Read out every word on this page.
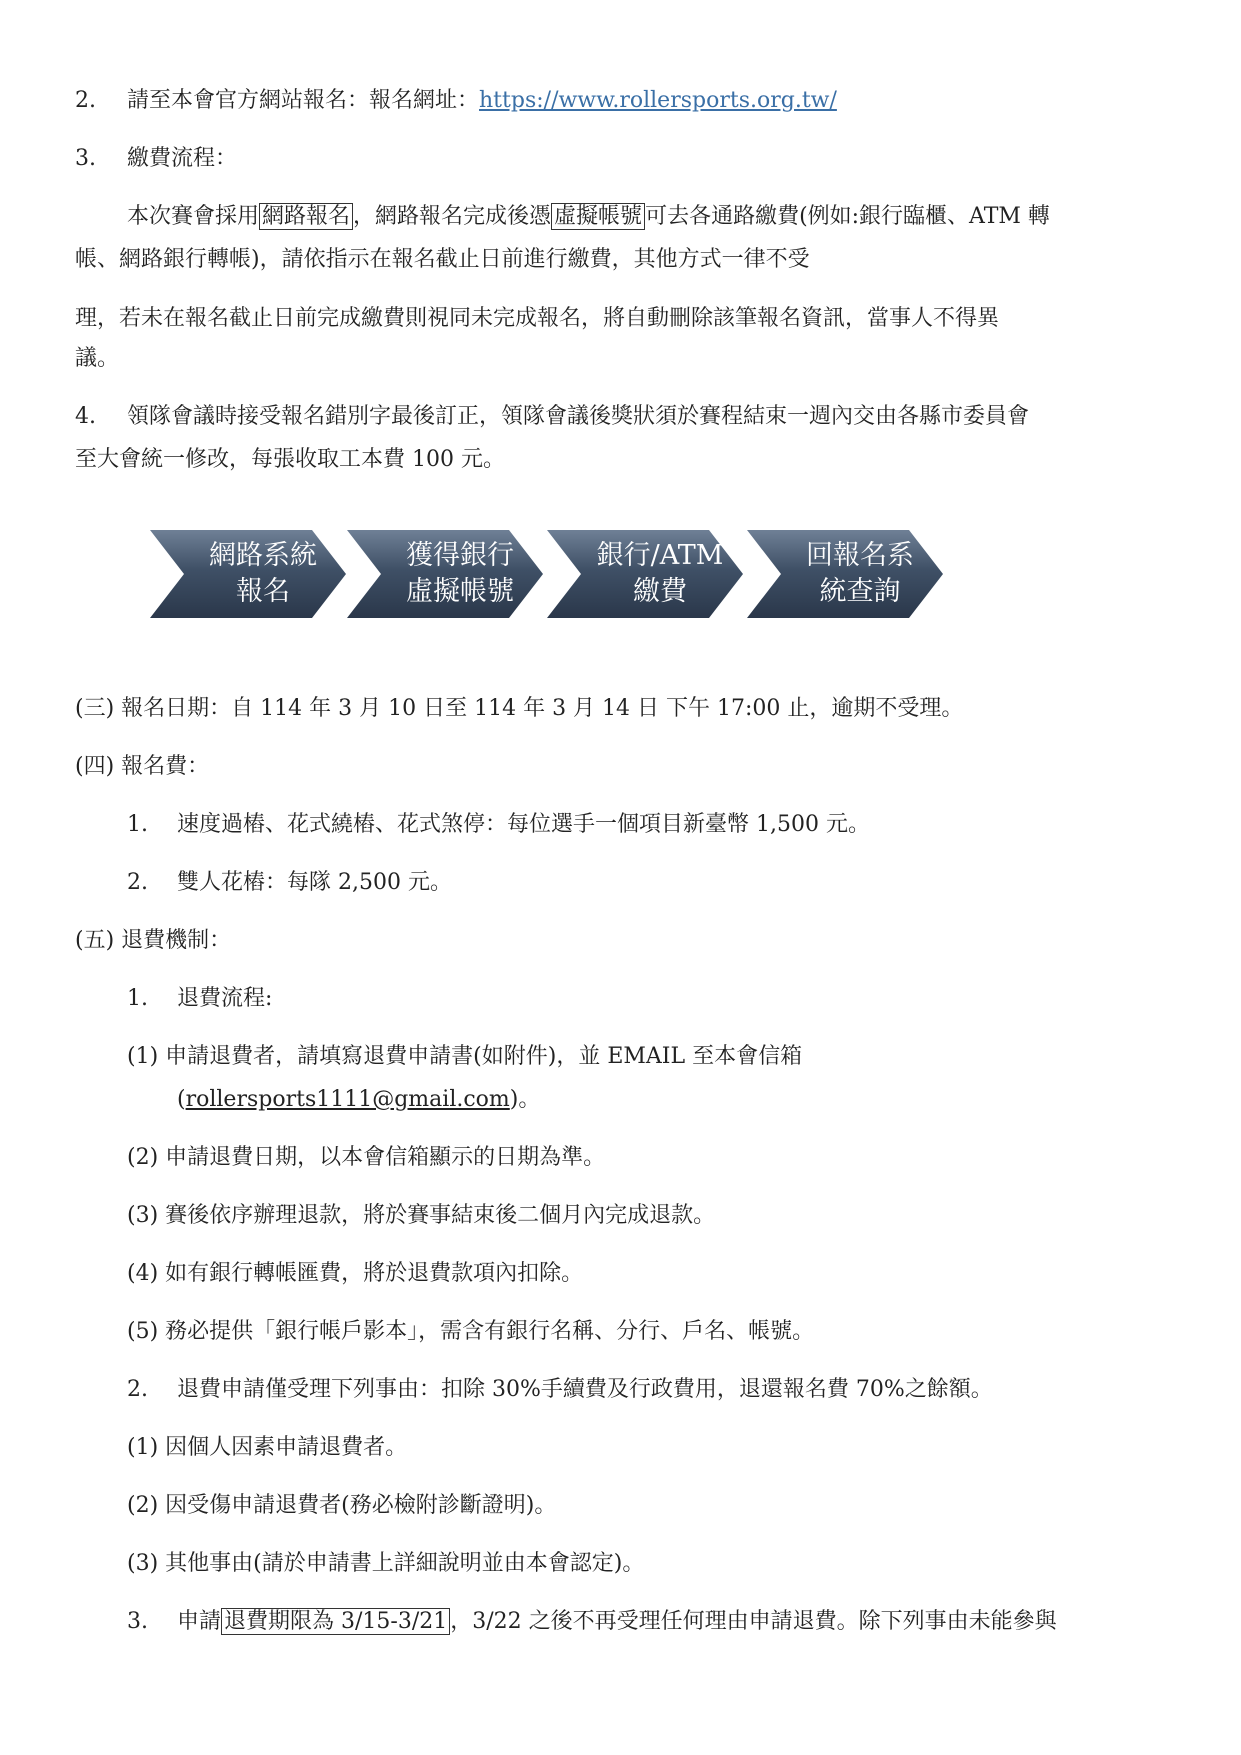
2. 請至本會官方網站報名：報名網址：https://www.rollersports.org.tw/
3. 繳費流程：
本次賽會採用 網路報名 ，網路報名完成後憑 虛擬帳號 可去各通路繳費(例如:銀行臨櫃、ATM 轉
帳、網路銀行轉帳)，請依指示在報名截止日前進行繳費，其他方式一律不受
理，若未在報名截止日前完成繳費則視同未完成報名，將自動刪除該筆報名資訊，當事人不得異
議。
4. 領隊會議時接受報名錯別字最後訂正，領隊會議後獎狀須於賽程結束一週內交由各縣市委員會
至大會統一修改，每張收取工本費 100 元。
網路系統
報名
獲得銀行
虛擬帳號
銀行/ATM
繳費
回報名系
統查詢
(三) 報名日期：自 114 年 3 月 10 日至 114 年 3 月 14 日 下午 17:00 止，逾期不受理。
(四) 報名費：
1. 速度過樁、花式繞樁、花式煞停：每位選手一個項目新臺幣 1,500 元。
2. 雙人花樁：每隊 2,500 元。
(五) 退費機制：
1. 退費流程:
(1) 申請退費者，請填寫退費申請書(如附件)，並 EMAIL 至本會信箱
(rollersports1111@gmail.com)。
(2) 申請退費日期，以本會信箱顯示的日期為準。
(3) 賽後依序辦理退款，將於賽事結束後二個月內完成退款。
(4) 如有銀行轉帳匯費，將於退費款項內扣除。
(5) 務必提供「銀行帳戶影本」，需含有銀行名稱、分行、戶名、帳號。
2. 退費申請僅受理下列事由：扣除 30%手續費及行政費用，退還報名費 70%之餘額。
(1) 因個人因素申請退費者。
(2) 因受傷申請退費者(務必檢附診斷證明)。
(3) 其他事由(請於申請書上詳細說明並由本會認定)。
3. 申請 退費期限為 3/15-3/21 ，3/22 之後不再受理任何理由申請退費。除下列事由未能參與
